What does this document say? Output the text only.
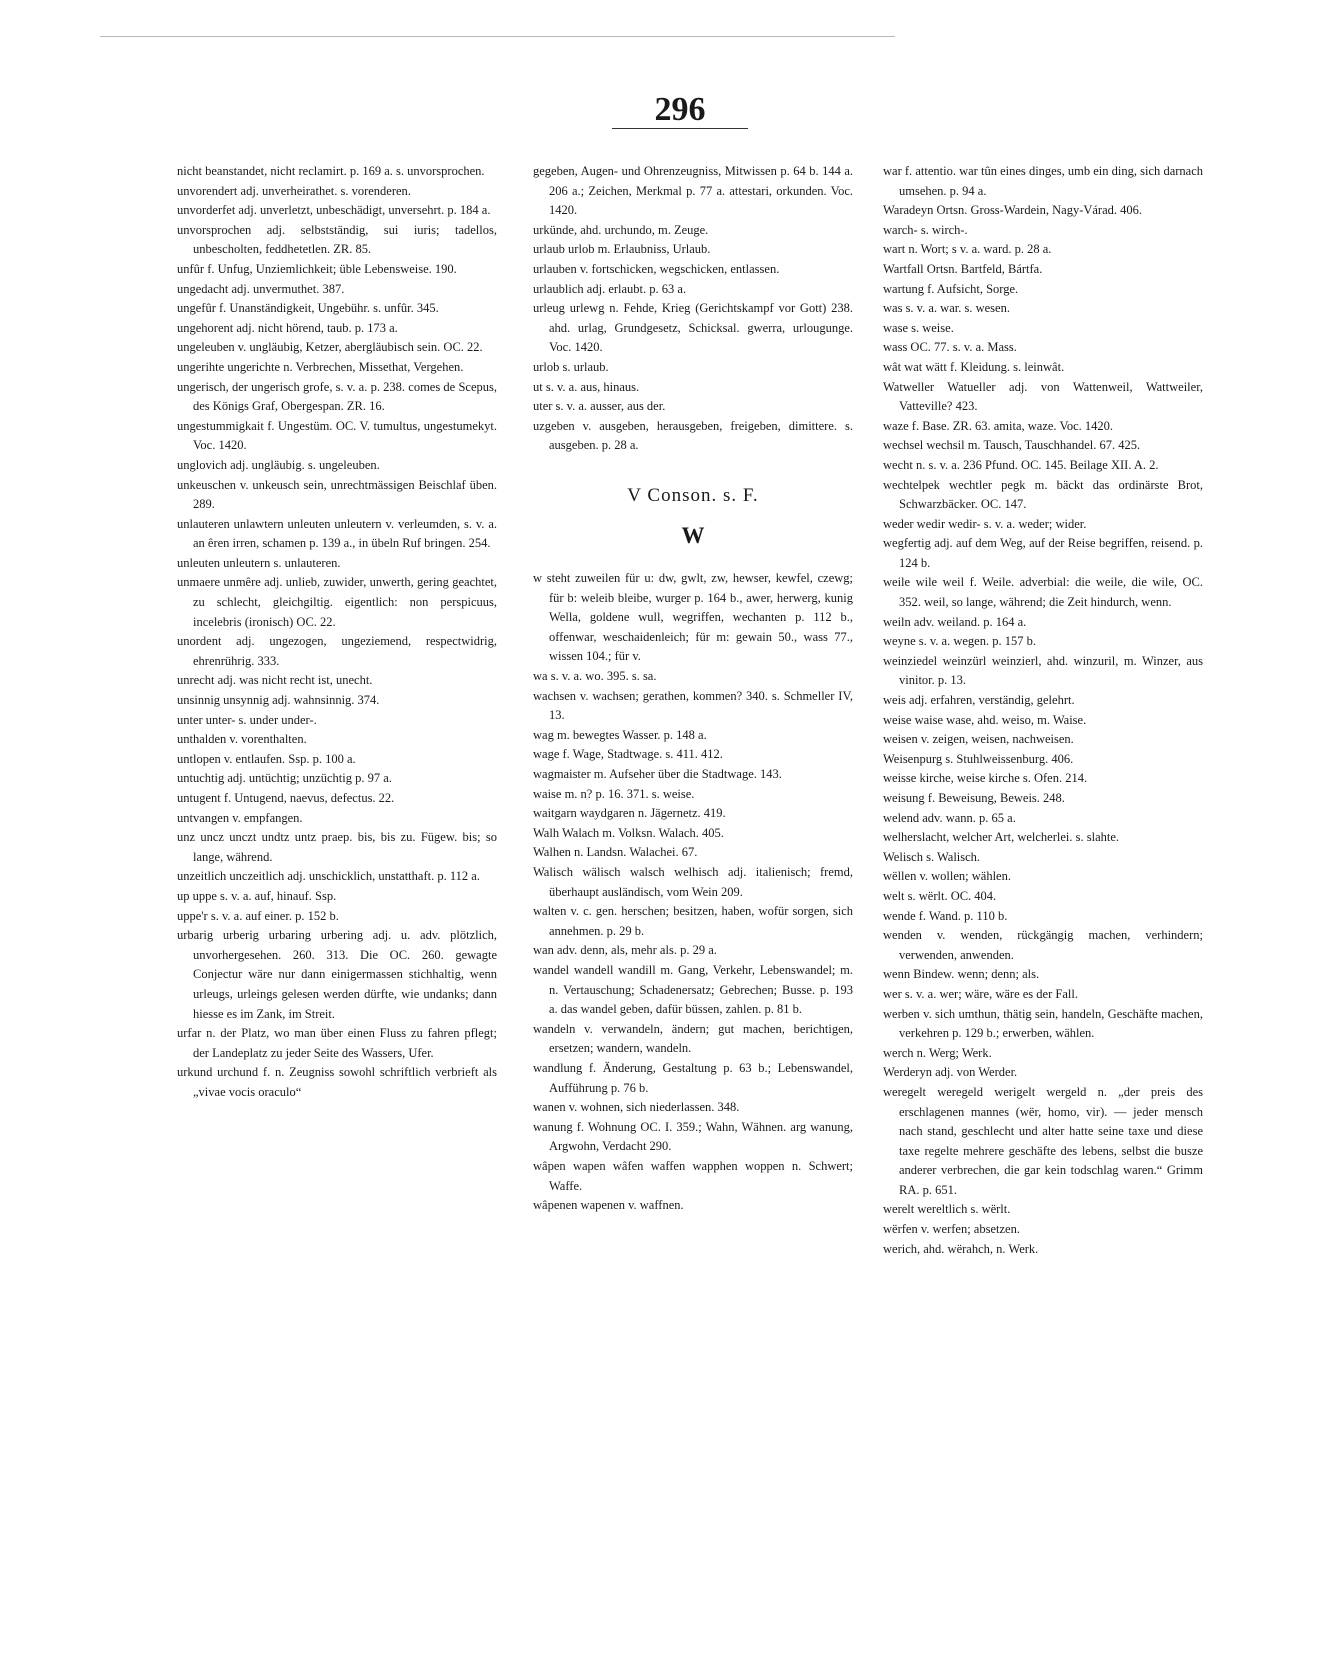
296

nicht beanstandet, nicht reclamirt. p. 169 a. s. unvorsprochen.

unvorendert adj. unverheirathet. s. vorenderen.

unvorderfet adj. unverletzt, unbeschädigt, unversehrt. p. 184 a.

unvorsprochen adj. selbstständig, sui iuris; tadellos, unbescholten, feddhetetlen. ZR. 85.

unfûr f. Unfug, Unziemlichkeit; üble Lebensweise. 190.

ungedacht adj. unvermuthet. 387.

ungefûr f. Unanständigkeit, Ungebühr. s. unfûr. 345.

ungehorent adj. nicht hörend, taub. p. 173 a.

ungeleuben v. ungläubig, Ketzer, abergläubisch sein. OC. 22.

ungerihte ungerichte n. Verbrechen, Missethat, Vergehen.

ungerisch, der ungerisch grofe, s. v. a. p. 238. comes de Scepus, des Königs Graf, Obergespan. ZR. 16.

ungestummigkait f. Ungestüm. OC. V. tumultus, ungestumekyt. Voc. 1420.

unglovich adj. ungläubig. s. ungeleuben.

unkeuschen v. unkeusch sein, unrechtmässigen Beischlaf üben. 289.

unlauteren unlawtern unleuten unleutern v. verleumden, s. v. a. an êren irren, schamen p. 139 a., in übeln Ruf bringen. 254.

unleuten unleutern s. unlauteren.

unmaere unmêre adj. unlieb, zuwider, unwerth, gering geachtet, zu schlecht, gleichgiltig. eigentlich: non perspicuus, incelebris (ironisch) OC. 22.

unordent adj. ungezogen, ungeziemend, respectwidrig, ehrenrührig. 333.

unrecht adj. was nicht recht ist, unecht.

unsinnig unsynnig adj. wahnsinnig. 374.

unter unter- s. under under-.

unthalden v. vorenthalten.

untlopen v. entlaufen. Ssp. p. 100 a.

untuchtig adj. untüchtig; unzüchtig p. 97 a.

untugent f. Untugend, naevus, defectus. 22.

untvangen v. empfangen.

unz uncz unczt undtz untz praep. bis, bis zu. Fügew. bis; so lange, während.

unzeitlich unczeitlich adj. unschicklich, unstatthaft. p. 112 a.

up uppe s. v. a. auf, hinauf. Ssp.

uppe'r s. v. a. auf einer. p. 152 b.

urbarig urberig urbaring urbering adj. u. adv. plötzlich, unvorhergesehen. 260. 313. Die OC. 260. gewagte Conjectur wäre nur dann einigermassen stichhaltig, wenn urleugs, urleings gelesen werden dürfte, wie undanks; dann hiesse es im Zank, im Streit.

urfar n. der Platz, wo man über einen Fluss zu fahren pflegt; der Landeplatz zu jeder Seite des Wassers, Ufer.

urkund urchund f. n. Zeugniss sowohl schriftlich verbrieft als „vivae vocis oraculo“

gegeben, Augen- und Ohrenzeugniss, Mitwissen p. 64 b. 144 a. 206 a.; Zeichen, Merkmal p. 77 a. attestari, orkunden. Voc. 1420.

urkünde, ahd. urchundo, m. Zeuge.

urlaub urlob m. Erlaubniss, Urlaub.

urlauben v. fortschicken, wegschicken, entlassen.

urlaublich adj. erlaubt. p. 63 a.

urleug urlewg n. Fehde, Krieg (Gerichtskampf vor Gott) 238. ahd. urlag, Grundgesetz, Schicksal. gwerra, urlougunge. Voc. 1420.

urlob s. urlaub.

ut s. v. a. aus, hinaus.

uter s. v. a. ausser, aus der.

uzgeben v. ausgeben, herausgeben, freigeben, dimittere. s. ausgeben. p. 28 a.

V Conson. s. F.
W

w steht zuweilen für u: dw, gwlt, zw, hewser, kewfel, czewg; für b: weleib bleibe, wurger p. 164 b., awer, herwerg, kunig Wella, goldene wull, wegriffen, wechanten p. 112 b., offenwar, weschaidenleich; für m: gewain 50., wass 77., wissen 104.; für v.

wa s. v. a. wo. 395. s. sa.

wachsen v. wachsen; gerathen, kommen? 340. s. Schmeller IV, 13.

wag m. bewegtes Wasser. p. 148 a.

wage f. Wage, Stadtwage. s. 411. 412.

wagmaister m. Aufseher über die Stadtwage. 143.

waise m. n? p. 16. 371. s. weise.

waitgarn waydgaren n. Jägernetz. 419.

Walh Walach m. Volksn. Walach. 405.

Walhen n. Landsn. Walachei. 67.

Walisch wälisch walsch welhisch adj. italienisch; fremd, überhaupt ausländisch, vom Wein 209.

walten v. c. gen. herschen; besitzen, haben, wofür sorgen, sich annehmen. p. 29 b.

wan adv. denn, als, mehr als. p. 29 a.

wandel wandell wandill m. Gang, Verkehr, Lebenswandel; m. n. Vertauschung; Schadenersatz; Gebrechen; Busse. p. 193 a. das wandel geben, dafür büssen, zahlen. p. 81 b.

wandeln v. verwandeln, ändern; gut machen, berichtigen, ersetzen; wandern, wandeln.

wandlung f. Änderung, Gestaltung p. 63 b.; Lebenswandel, Aufführung p. 76 b.

wanen v. wohnen, sich niederlassen. 348.

wanung f. Wohnung OC. I. 359.; Wahn, Wähnen. arg wanung, Argwohn, Verdacht 290.

wâpen wapen wâfen waffen wapphen woppen n. Schwert; Waffe.

wâpenen wapenen v. waffnen.

war f. attentio. war tûn eines dinges, umb ein ding, sich darnach umsehen. p. 94 a.

Waradeyn Ortsn. Gross-Wardein, Nagy-Várad. 406.

warch- s. wirch-.

wart n. Wort; s v. a. ward. p. 28 a.

Wartfall Ortsn. Bartfeld, Bártfa.

wartung f. Aufsicht, Sorge.

was s. v. a. war. s. wesen.

wase s. weise.

wass OC. 77. s. v. a. Mass.

wât wat wätt f. Kleidung. s. leinwât.

Watweller Watueller adj. von Wattenweil, Wattweiler, Vatteville? 423.

waze f. Base. ZR. 63. amita, waze. Voc. 1420.

wechsel wechsil m. Tausch, Tauschhandel. 67. 425.

wecht n. s. v. a. 236 Pfund. OC. 145. Beilage XII. A. 2.

wechtelpek wechtler pegk m. bäckt das ordinärste Brot, Schwarzbäcker. OC. 147.

weder wedir wedir- s. v. a. weder; wider.

wegfertig adj. auf dem Weg, auf der Reise begriffen, reisend. p. 124 b.

weile wile weil f. Weile. adverbial: die weile, die wile, OC. 352. weil, so lange, während; die Zeit hindurch, wenn.

weiln adv. weiland. p. 164 a.

weyne s. v. a. wegen. p. 157 b.

weinziedel weinzürl weinzierl, ahd. winzuril, m. Winzer, aus vinitor. p. 13.

weis adj. erfahren, verständig, gelehrt.

weise waise wase, ahd. weiso, m. Waise.

weisen v. zeigen, weisen, nachweisen.

Weisenpurg s. Stuhlweissenburg. 406.

weisse kirche, weise kirche s. Ofen. 214.

weisung f. Beweisung, Beweis. 248.

welend adv. wann. p. 65 a.

welherslacht, welcher Art, welcherlei. s. slahte.

Welisch s. Walisch.

wëllen v. wollen; wählen.

welt s. wërlt. OC. 404.

wende f. Wand. p. 110 b.

wenden v. wenden, rückgängig machen, verhindern; verwenden, anwenden.

wenn Bindew. wenn; denn; als.

wer s. v. a. wer; wäre, wäre es der Fall.

werben v. sich umthun, thätig sein, handeln, Geschäfte machen, verkehren p. 129 b.; erwerben, wählen.

werch n. Werg; Werk.

Werderyn adj. von Werder.

weregelt weregeld werigelt wergeld n. „der preis des erschlagenen mannes (wër, homo, vir). — jeder mensch nach stand, geschlecht und alter hatte seine taxe und diese taxe regelte mehrere geschäfte des lebens, selbst die busze anderer verbrechen, die gar kein todschlag waren.“ Grimm RA. p. 651.

werelt wereltlich s. wërlt.

wërfen v. werfen; absetzen.

werich, ahd. wërahch, n. Werk.
